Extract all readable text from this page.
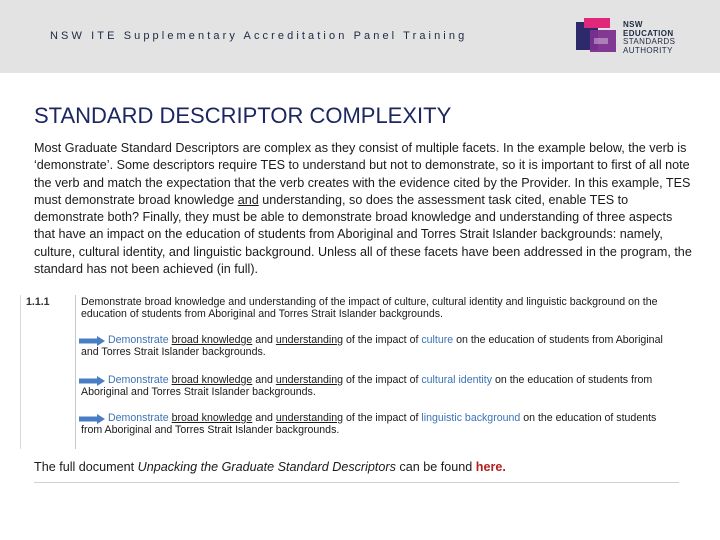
NSW ITE Supplementary Accreditation Panel Training
NSW
EDUCATION
STANDARDS
AUTHORITY
STANDARD DESCRIPTOR COMPLEXITY

Most Graduate Standard Descriptors are complex as they consist of multiple facets. In the example below, the verb is ‘demonstrate’. Some descriptors require TES to understand but not to demonstrate, so it is important to first of all note the verb and match the expectation that the verb creates with the evidence cited by the Provider. In this example, TES must demonstrate broad knowledge and understanding, so does the assessment task cited, enable TES to demonstrate both? Finally, they must be able to demonstrate broad knowledge and understanding of three aspects that have an impact on the education of students from Aboriginal and Torres Strait Islander backgrounds: namely, culture, cultural identity, and linguistic background. Unless all of these facets have been addressed in the program, the standard has not been achieved (in full).

1.1.1	Demonstrate broad knowledge and understanding of the impact of culture, cultural identity and linguistic background on the
education of students from Aboriginal and Torres Strait Islander backgrounds.
Demonstrate broad knowledge and understanding of the impact of culture on the education of students from Aboriginal
and Torres Strait Islander backgrounds.
Demonstrate broad knowledge and understanding of the impact of cultural identity on the education of students from
Aboriginal and Torres Strait Islander backgrounds.
Demonstrate broad knowledge and understanding of the impact of linguistic background on the education of students
from Aboriginal and Torres Strait Islander backgrounds.

The full document Unpacking the Graduate Standard Descriptors can be found here.
